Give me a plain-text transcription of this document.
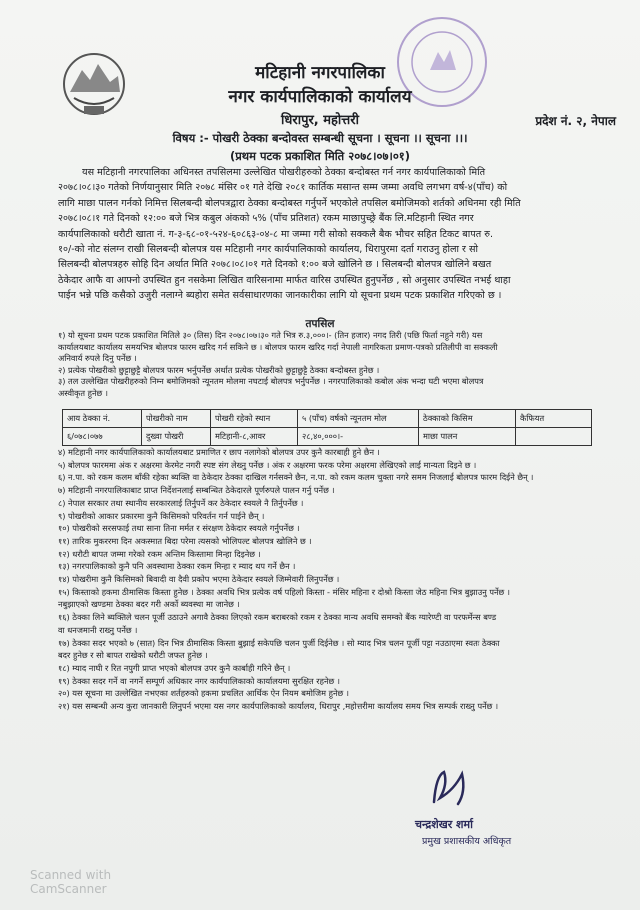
मटिहानी नगरपालिका
नगर कार्यपालिकाको कार्यालय
धिरापुर, महोत्तरी	प्रदेश नं. २, नेपाल
विषय :- पोखरी ठेक्का बन्दोवस्त सम्बन्धी सूचना । सूचना ।। सूचना ।।।
(प्रथम पटक प्रकाशित मिति २०७८।०७।०१)
यस मटिहानी नगरपालिका अधिनस्त तपसिलमा उल्लेखित पोखरीहरुको ठेक्का बन्दोबस्त गर्न नगर कार्यपालिकाको मिति
२०७८।०८।३० गतेको निर्णयानुसार मिति २०७८ मंसिर ०१ गते देखि २०८१ कार्तिक मसान्त सम्म जम्मा अवधि लगभग वर्ष-४(पाँच) को
लागि माछा पालन गर्नको निमित्त सिलबन्दी बोलपत्रद्वारा ठेक्का बन्दोबस्त गर्नुपर्ने भएकोले तपसिल बमोजिमको शर्तको अधिनमा रही मिति
२०७८।०८।१ गते दिनको १२:०० बजे भित्र कबुल अंकको ५% (पाँच प्रतिशत) रकम माछापुच्छ्रे बैंक लि.मटिहानी स्थित नगर
कार्यपालिकाको धरौटी खाता नं. ग-३-६८-०१-५२४-६०८६३-०४-८ मा जम्मा गरी सोको सक्कलै बैक भौचर सहित टिकट बापत रु.
१०/-को नोट संलग्न राखी सिलबन्दी बोलपत्र यस मटिहानी नगर कार्यपालिकाको कार्यालय, धिरापुरमा दर्ता गराउनु होला र सो
सिलबन्दी बोलपत्रहरु सोहि दिन अर्थात मिति २०७८।०८।०१ गते दिनको १:०० बजे खोलिने छ । सिलबन्दी बोलपत्र खोलिने बखत
ठेकेदार आफै वा आफ्नो उपस्थित हुन नसकेमा लिखित वारिसनामा मार्फत वारिस उपस्थित हुनुपर्नेछ , सो अनुसार उपस्थित नभई थाहा
पाईन भन्ने पछि कसैको उजुरी नलाग्ने ब्यहोरा समेत सर्वसाधारणका जानकारीका लागि यो सूचना प्रथम पटक प्रकाशित गरिएको छ ।
तपसिल
१) यो सूचना प्रथम पटक प्रकाशित मितिले ३० (तिस) दिन २०७८।०७।३० गते भित्र रु.३,०००।- (तिन हजार) नगद तिरी (पछि फिर्ता नहुने गरी) यस
कार्यालयबाट कार्यालय समयभित्र बोलपत्र फारम खरिद गर्न सकिने छ । बोलपत्र फारम खरिद गर्दा नेपाली नागरिकता प्रमाण-पत्रको प्रतिलीपी वा सक्कली
अनिवार्य रुपले दिनु पर्नेछ ।
२) प्रत्येक पोखरीको छुट्टाछुट्टै बोलपत्र फारम भर्नुपर्नेछ अर्थात प्रत्येक पोखरीको छुट्टाछुट्टै ठेक्का बन्दोबस्त हुनेछ ।
३) तल उल्लेखित पोखरीहरुको निम्न बमोजिमको न्यूनतम मोलमा नघटाई बोलपत्र भर्नुपर्नेछ । नगरपालिकाको कबोल अंक भन्दा घटी भएमा बोलपत्र
अस्वीकृत हुनेछ ।
आय ठेक्का नं.	पोखरीको नाम	पोखरी रहेको स्थान	५ (पाँच) वर्षको न्यूनतम मोल	ठेक्काको किसिम	कैफियत
६/०७८।०७७	दुख्वा पोखरी	मटिहानी-८,आवर	२८,४०,०००।-	माछा पालन	
४) मटिहानी नगर कार्यपालिकाको कार्यालयबाट प्रमाणित र छाप नलागेको बोलपत्र उपर कुनै कारबाही हुने छैन ।
५) बोलपत्र फारममा अंक र अक्षरमा केरमेट नगरी स्पष्ट संग लेख्नु पर्नेछ । अंक र अक्षरमा फरक परेमा अक्षरमा लेखिएको लाई मान्यता दिइने छ ।
६) न.पा. को रकम कलम बाँकी रहेका ब्यक्ति वा ठेकेदार ठेक्का दाखिल गर्नसक्ने छैन, न.पा. को रकम कलम चुक्ता नगरे समम निजलाई बोलपत्र फारम दिईने छैन् ।
७) मटिहानी नगरपालिकाबाट प्राप्त निर्देशनलाई सम्बन्धित ठेकेदारले पूर्णरुपले पालन गर्नु पर्नेछ ।
८) नेपाल सरकार तथा स्थानीय सरकारलाई तिर्नुपर्ने कर ठेकेदार स्वयले नै तिर्नुपर्नेछ ।
९) पोखरीको आकार प्रकारमा कुनै किसिमको परिवर्तन गर्न पाईने छैन् ।
१०) पोखरीको सरसफाई तथा साना तिना मर्मत र संरक्षण ठेकेदार स्वयले गर्नुपर्नेछ ।
११) तारिक मुकररमा दिन अकस्मात बिदा परेमा त्यसको भोलिपल्ट बोलपत्र खोलिने छ ।
१२) धरौटी बापत जम्मा गरेको रकम अन्तिम किस्तामा मिन्हा दिइनेछ ।
१३) नगरपालिकाको कुनै पनि अवस्थामा ठेक्का रकम मिन्हा र म्याद थप गर्ने छैन ।
१४) पोखरीमा कुनै किसिमको बिवादी वा दैवी प्रकोप भएमा ठेकेदार स्वयले जिम्मेवारी लिनुपर्नेछ ।
१५) किस्ताको हकमा ठीमासिक किस्ता हुनेछ । ठेक्का अवधि भित्र प्रत्येक वर्ष पहिलो किस्ता - मंसिर महिना र दोश्रो किस्ता जेठ महिना भित्र बुझाउनु पर्नेछ ।
नबुझाएको खण्डमा ठेक्का बदर गरी अर्को ब्यवस्था मा जानेछ ।
१६) ठेक्का लिने ब्यक्तिले चलन पूर्जी उठाउने अगावै ठेक्का लिएको रकम बराबरको रकम र ठेक्का मान्य अवधि समम्को बैंक ग्यारेण्टी वा परफर्मेन्स बण्ड
वा धनजमानी राख्नु पर्नेछ ।
१७) ठेक्का सदर भएको ७ (सात) दिन भित्र ठीमासिक किस्ता बुझाई सकेपछि चलन पुर्जी दिईनेछ । सो म्याद भित्र चलन पूर्जी पट्टा नउठाएमा स्वतः ठेक्का
बदर हुनेछ र सो बापत राखेको धरौटी जफत हुनेछ ।
१८) म्याद नाघी र रित नपुगी प्राप्त भएको बोलपत्र उपर कुनै कार्बाही गरिने छैन् ।
१९) ठेक्का सदर गर्ने वा नगर्ने सम्पूर्ण अधिकार नगर कार्यपालिकाको कार्यालयमा सुरक्षित रहनेछ ।
२०) यस सूचना मा उल्लेखित नभएका शर्तहरुको हकमा प्रचलित आर्थिक ऐन नियम बमोजिम हुनेछ ।
२१) यस सम्बन्धी अन्य कुरा जानकारी लिनुपर्न भएमा यस नगर कार्यपालिकाको कार्यालय, धिरापुर ,महोत्तरीमा कार्यालय समय भित्र सम्पर्क राख्नु पर्नेछ ।
चन्द्रशेखर शर्मा
प्रमुख प्रशासकीय अधिकृत
Scanned with
CamScanner
